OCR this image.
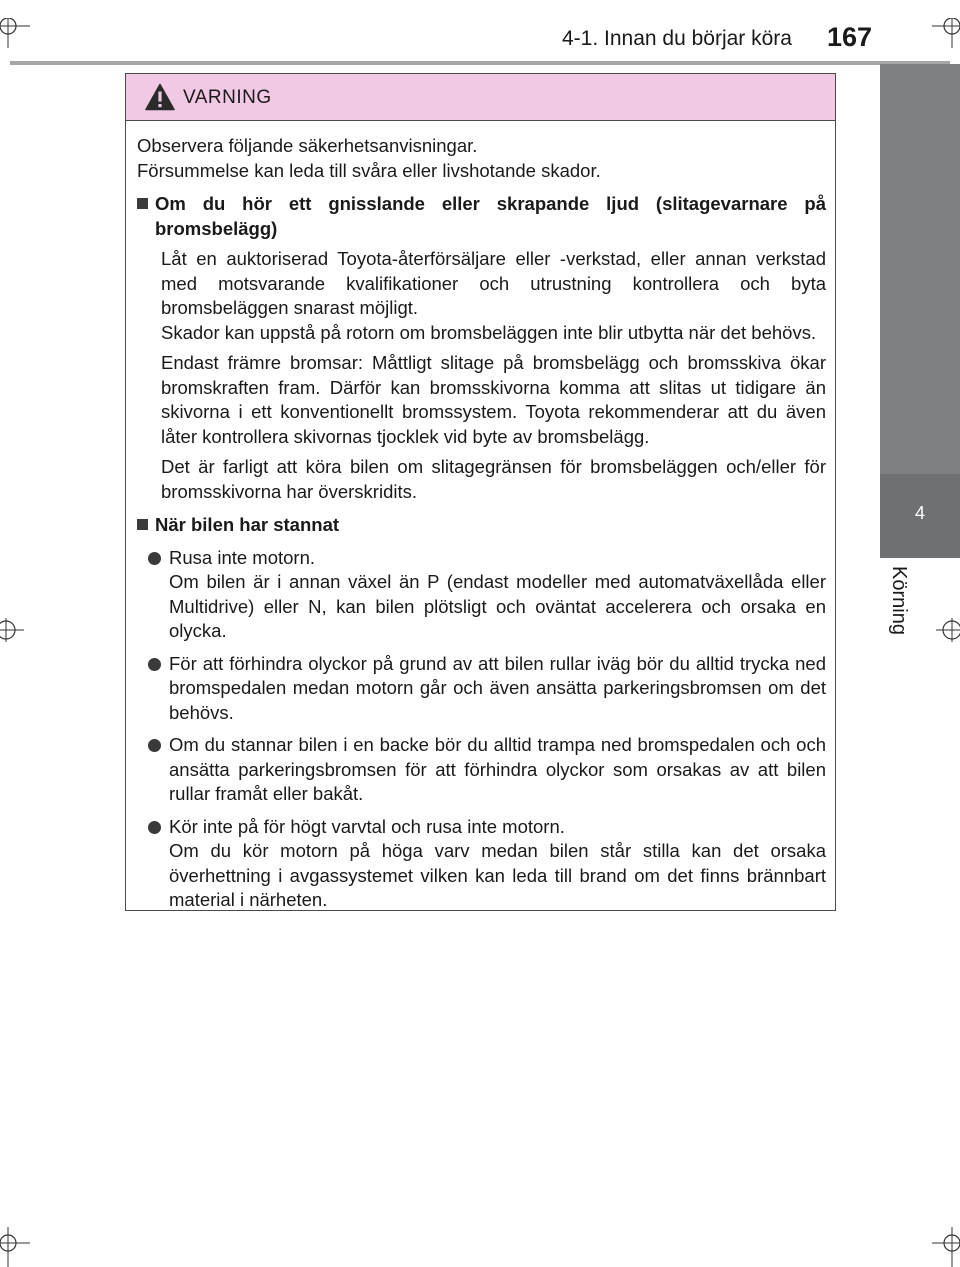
4-1. Innan du börjar köra	167
4
Körning
VARNING

Observera följande säkerhetsanvisningar.

Försummelse kan leda till svåra eller livshotande skador.

Om du hör ett gnisslande eller skrapande ljud (slitagevarnare på bromsbelägg)
Låt en auktoriserad Toyota-återförsäljare eller -verkstad, eller annan verkstad med motsvarande kvalifikationer och utrustning kontrollera och byta bromsbeläggen snarast möjligt.
Skador kan uppstå på rotorn om bromsbeläggen inte blir utbytta när det behövs.
Endast främre bromsar: Måttligt slitage på bromsbelägg och bromsskiva ökar bromskraften fram. Därför kan bromsskivorna komma att slitas ut tidigare än skivorna i ett konventionellt bromssystem. Toyota rekommenderar att du även låter kontrollera skivornas tjocklek vid byte av bromsbelägg.
Det är farligt att köra bilen om slitagegränsen för bromsbeläggen och/eller för bromsskivorna har överskridits.
När bilen har stannat
Rusa inte motorn.
Om bilen är i annan växel än P (endast modeller med automatväxellåda eller Multidrive) eller N, kan bilen plötsligt och oväntat accelerera och orsaka en olycka.
För att förhindra olyckor på grund av att bilen rullar iväg bör du alltid trycka ned bromspedalen medan motorn går och även ansätta parkeringsbromsen om det behövs.
Om du stannar bilen i en backe bör du alltid trampa ned bromspedalen och och ansätta parkeringsbromsen för att förhindra olyckor som orsakas av att bilen rullar framåt eller bakåt.
Kör inte på för högt varvtal och rusa inte motorn.
Om du kör motorn på höga varv medan bilen står stilla kan det orsaka överhettning i avgassystemet vilken kan leda till brand om det finns brännbart material i närheten.
